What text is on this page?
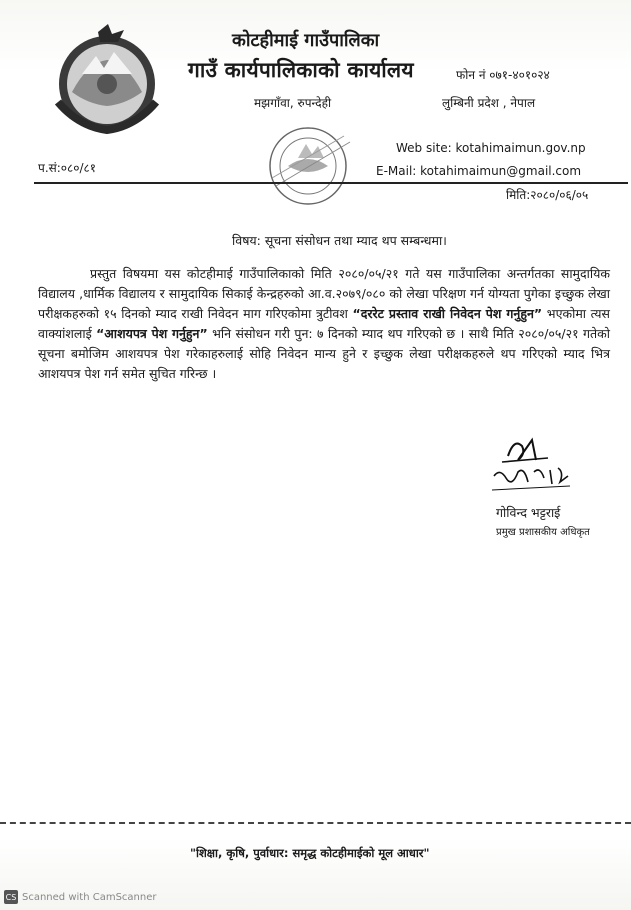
कोटहीमाई गाउँपालिका
गाउँ कार्यपालिकाको कार्यालय
मझगाँवा, रुपन्देही
फोन नं ०७१-४०१०२४
लुम्बिनी प्रदेश , नेपाल
Web site: kotahimaimun.gov.np
E-Mail: kotahimaimun@gmail.com
प.सं:०८०/८१
मिति:२०८०/०६/०५
विषय: सूचना संसोधन तथा म्याद थप सम्बन्धमा।
प्रस्तुत विषयमा यस कोटहीमाई गाउँपालिकाको मिति २०८०/०५/२१ गते यस गाउँपालिका अन्तर्गतका सामुदायिक विद्यालय ,धार्मिक विद्यालय र सामुदायिक सिकाई केन्द्रहरुको आ.व.२०७९/०८० को लेखा परिक्षण गर्न योग्यता पुगेका इच्छुक लेखा परीक्षकहरुको १५ दिनको म्याद राखी निवेदन माग गरिएकोमा त्रुटीवश “दररेट प्रस्ताव राखी निवेदन पेश गर्नुहुन” भएकोमा त्यस वाक्यांशलाई “आशयपत्र पेश गर्नुहुन” भनि संसोधन गरी पुन: ७ दिनको म्याद थप गरिएको छ । साथै मिति २०८०/०५/२१ गतेको सूचना बमोजिम आशयपत्र पेश गरेकाहरुलाई सोहि निवेदन मान्य हुने र इच्छुक लेखा परीक्षकहरुले थप गरिएको म्याद भित्र आशयपत्र पेश गर्न समेत सुचित गरिन्छ ।
गोविन्द भट्टराई
प्रमुख प्रशासकीय अधिकृत
"शिक्षा, कृषि, पुर्वाधार: समृद्ध कोटहीमाईको मूल आधार"
CS Scanned with CamScanner
